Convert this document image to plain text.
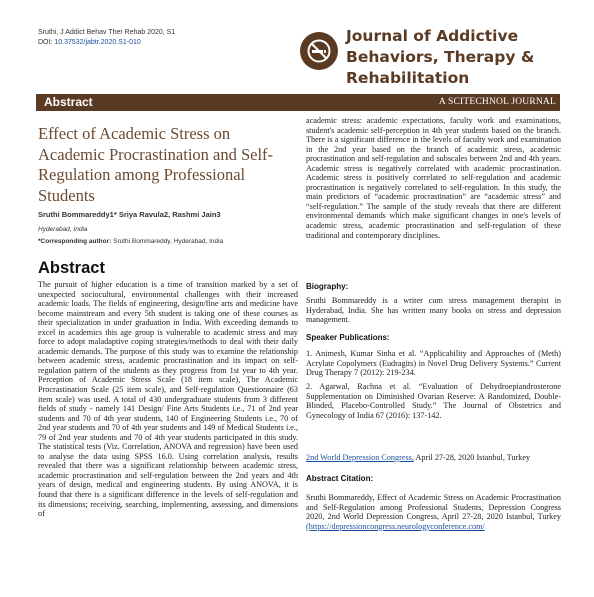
Sruthi, J Addict Behav Ther Rehab 2020, S1
DOI: 10.37532/jabtr.2020.S1-010	Journal of Addictive Behaviors, Therapy & Rehabilitation
Abstract	A SCITECHNOL JOURNAL
Effect of Academic Stress on Academic Procrastination and Self-Regulation among Professional Students
Sruthi Bommareddy1* Sriya Ravula2, Rashmi Jain3
Hyderabad, India
*Corresponding author: Sruthi Bommareddy, Hyderabad, India
Abstract
The pursuit of higher education is a time of transition marked by a set of unexpected sociocultural, environmental challenges with their increased academic loads. The fields of engineering, design/fine arts and medicine have become mainstream and every 5th student is taking one of these courses as their specialization in under graduation in India. With exceeding demands to excel in academics this age group is vulnerable to academic stress and may force to adopt maladaptive coping strategies/methods to deal with their daily academic demands. The purpose of this study was to examine the relationship between academic stress, academic procrastination and its impact on self-regulation pattern of the students as they progress from 1st year to 4th year. Perception of Academic Stress Scale (18 item scale), The Academic Procrastination Scale (25 item scale), and Self-regulation Questionnaire (63 item scale) was used. A total of 430 undergraduate students from 3 different fields of study - namely 141 Design/ Fine Arts Students i.e., 71 of 2nd year students and 70 of 4th year students, 140 of Engineering Students i.e., 70 of 2nd year students and 70 of 4th year students and 149 of Medical Students i.e., 79 of 2nd year students and 70 of 4th year students participated in this study. The statistical tests (Viz. Correlation, ANOVA and regression) have been used to analyse the data using SPSS 16.0. Using correlation analysis, results revealed that there was a significant relationship between academic stress, academic procrastination and self-regulation between the 2nd years and 4th years of design, medical and engineering students. By using ANOVA, it is found that there is a significant difference in the levels of self-regulation and its dimensions; receiving, searching, implementing, assessing, and dimensions of
academic stress: academic expectations, faculty work and examinations, student's academic self-perception in 4th year students based on the branch. There is a significant difference in the levels of faculty work and examination in the 2nd year based on the branch of academic stress, academic procrastination and self-regulation and subscales between 2nd and 4th years. Academic stress is negatively correlated with academic procrastination. Academic stress is positively correlated to self-regulation and academic procrastination is negatively correlated to self-regulation. In this study, the main predictors of “academic procrastination” are “academic stress” and “self-regulation.” The sample of the study reveals that there are different environmental demands which make significant changes in one's levels of academic stress, academic procrastination and self-regulation of these traditional and contemporary disciplines.
Biography:
Sruthi Bommareddy is a writer cum stress management therapist in Hyderabad, India. She has written many books on stress and depression management.
Speaker Publications:
1. Animesh, Kumar Sinha et al. “Applicability and Approaches of (Meth) Acrylate Copolymers (Eudragits) in Novel Drug Delivery Systems.” Current Drug Therapy 7 (2012): 219-234.
2. Agarwal, Rachna et al. “Evaluation of Dehydroepiandrosterone Supplementation on Diminished Ovarian Reserve: A Randomized, Double-Blinded, Placebo-Controlled Study.” The Journal of Obstetrics and Gynecology of India 67 (2016): 137-142.
2nd World Depression Congress, April 27-28, 2020 Istanbul, Turkey
Abstract Citation:
Sruthi Bommareddy, Effect of Academic Stress on Academic Procrastination and Self-Regulation among Professional Students, Depression Congress 2020, 2nd World Depression Congress, April 27-28, 2020 Istanbul, Turkey (https://depressioncongress.neurologyconference.com/
